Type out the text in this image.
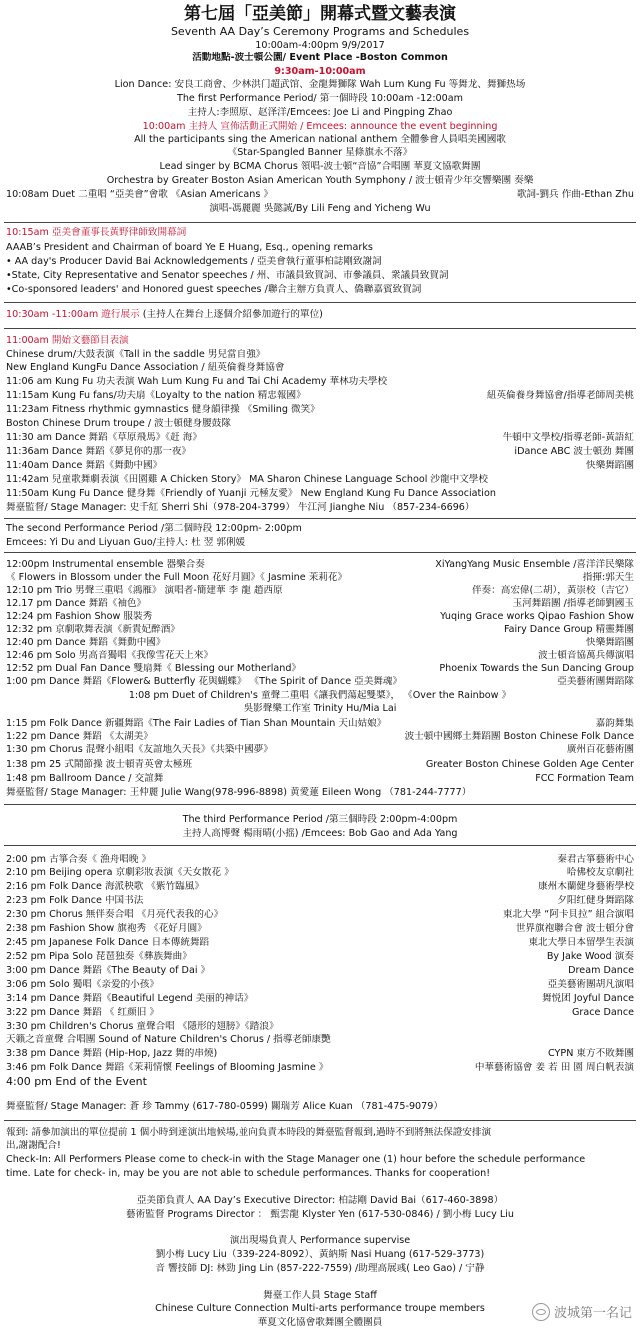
第七屆「亞美節」開幕式暨文藝表演
Seventh AA Day’s Ceremony Programs and Schedules
10:00am-4:00pm 9/9/2017
活動地點-波士頓公園/ Event Place -Boston Common
9:30am-10:00am
Lion Dance: 安良工商會、少林洪门超武馆、金龍舞獅隊 Wah Lum Kung Fu 等舞龙、舞獅热场
The first Performance Period/ 第一個時段 10:00am -12:00am
主持人:李照原、赵泽洋/Emcees: Joe Li and Pingping Zhao
10:00am 主持人 宣佈活動正式開始 / Emcees: announce the event beginning
All the participants sing the American national anthem 全體參會人員唱美國國歌
《Star-Spangled Banner 星條旗永不落》
Lead singer by BCMA Chorus 領唱-波士頓“音協”合唱團 華夏文協歌舞團
Orchestra by Greater Boston Asian American Youth Symphony / 波士頓青少年交響樂團 奏樂
10:08am Duet 二重唱 “亞美會”會歌 《Asian Americans 》	歌詞-劉兵 作曲-Ethan Zhu
演唱-馮麗麗 吳懿誠/By Lili Feng and Yicheng Wu
10:15am 亞美會董事長黃野律師致開幕詞
AAAB’s President and Chairman of board Ye E Huang, Esq., opening remarks
• AA day's Producer David Bai Acknowledgements / 亞美會執行董事柏誌剛致謝詞
•State, City Representative and Senator speeches / 州、市議員致賀詞、市參議員、衆議員致賀詞
•Co-sponsored leaders' and Honored guest speeches /聯合主辦方負責人、僑聯嘉賓致賀詞
10:30am -11:00am 遊行展示 (主持人在舞台上逐個介紹參加遊行的單位)
11:00am 開始文藝節目表演
Chinese drum/大鼓表演《Tall in the saddle 男兒當自強》
New England KungFu Dance Association / 紐英倫養身舞協會
11:06 am Kung Fu 功夫表演 Wah Lum Kung Fu and Tai Chi Academy 華林功夫學校
11:15am Kung Fu fans/功夫扇《Loyalty to the nation 精忠報國》	紐英倫養身舞協會/指導老師周美桃
11:23am Fitness rhythmic gymnastics 健身韻律操 《Smiling 微笑》
Boston Chinese Drum troupe / 波士頓健身腰鼓隊
11:30 am Dance 舞蹈《草原飛馬》《赶 海》	牛頓中文學校/指導老師-黃語紅
11:36am Dance 舞蹈《夢見你的那一夜》	iDance ABC 波士頓劲 舞團
11:40am Dance 舞蹈《舞動中國》	快樂舞蹈團
11:42am 兒童歌舞劇表演《田園雞 A Chicken Story》 MA Sharon Chinese Language School 沙龍中文學校
11:50am Kung Fu Dance 健身舞《Friendly of Yuanji 元極友愛》 New England Kung Fu Dance Association
舞臺監督/ Stage Manager: 史千紅 Sherri Shi（978-204-3799） 牛江河 Jianghe Niu （857-234-6696）
The second Performance Period /第二個時段 12:00pm- 2:00pm
Emcees: Yi Du and Liyuan Guo/主持人: 杜 翌 郭俐媛
12:00pm Instrumental ensemble 器樂合奏	XiYangYang Music Ensemble /喜洋洋民樂隊
《 Flowers in Blossom under the Full Moon 花好月圓》《 Jasmine 茉莉花》	指揮:郭天生
12:10 pm Trio 男聲三重唱《鴻雁》 演唱者-簡建華 李 龍 趙西原	伴奏：高宏偉(二胡），黃崇校（吉它）
12.17 pm Dance 舞蹈《袖色》	玉河舞蹈團 /指導老師劉國玉
12:24 pm Fashion Show 服裝秀	Yuqing Grace works Qipao Fashion Show
12:32 pm 京劇歌舞表演《新貴妃醉酒》	Fairy Dance Group 精靈舞團
12:40 pm Dance 舞蹈《舞動中國》	快樂舞蹈團
12:46 pm Solo 男高音獨唱《我像雪花天上來》	波士頓音協萬兵傳演唱
12:52 pm Dual Fan Dance 雙扇舞《 Blessing our Motherland》	Phoenix Towards the Sun Dancing Group
1:00 pm Dance 舞蹈《Flower& Butterfly 花與蝴蝶》 《The Spirit of Dance 亞美舞魂》	亞美藝術團舞蹈隊
1:08 pm Duet of Children's 童聲二重唱《讓我們蕩起雙槳》， 《Over the Rainbow 》
吳影聲樂工作室 Trinity Hu/Mia Lai
1:15 pm Folk Dance 新疆舞蹈《The Fair Ladies of Tian Shan Mountain 天山姑娘》	嘉韵舞集
1:22 pm Dance 舞蹈 《太湖美》	波士頓中國鄉土舞蹈團 Boston Chinese Folk Dance
1:30 pm Chorus 混聲小組唱《友誼地久天長》《共築中國夢》	廣州百花藝術團
1:38 pm 25 式鬧節操 波士頓青英會太極班	Greater Boston Chinese Golden Age Center
1:48 pm Ballroom Dance / 交誼舞	FCC Formation Team
舞臺監督/ Stage Manager: 王仲麗 Julie Wang(978-996-8898) 黄愛蓮 Eileen Wong （781-244-7777）
The third Performance Period /第三個時段 2:00pm-4:00pm
主持人高博聲 楊雨晴(小摇) /Emcees: Bob Gao and Ada Yang
2:00 pm 古箏合奏《 漁舟唱晚 》	秦君古箏藝術中心
2:10 pm Beijing opera 京劇彩妝表演《天女散花 》	哈佛校友京劇社
2:16 pm Folk Dance 海派秧歌 《紫竹臨風》	康州木蘭健身藝術學校
2:23 pm Folk Dance 中国书法	夕阳红健身舞蹈隊
2:30 pm Chorus 無伴奏合唱 《月亮代表我的心》	東北大學 “阿卡貝拉” 組合演唱
2:38 pm Fashion Show 旗袍秀 《花好月圓》	世界旗袍聯合會 波士頓分會
2:45 pm Japanese Folk Dance 日本傳統舞蹈	東北大學日本留學生表演
2:52 pm Pipa Solo 琵琶独奏《彝族舞曲》	By Jake Wood 演奏
3:00 pm Dance 舞蹈《The Beauty of Dai 》	Dream Dance
3:06 pm Solo 獨唱《亲爱的小孩》	亞美藝術團胡凡演唱
3:14 pm Dance 舞蹈《Beautiful Legend 美丽的神话》	舞悦团 Joyful Dance
3:22 pm Dance 舞蹈 《 红颜旧 》	Grace Dance
3:30 pm Children's Chorus 童聲合唱 《隱形的翅膀》《踏浪》
天籟之音童聲 合唱團 Sound of Nature Children's Chorus / 指導老師康艷
3:38 pm Dance 舞蹈 (Hip-Hop, Jazz 舞的串燒)	CYPN 東方不敗舞團
3:46 pm Folk Dance 舞蹈《茉莉情懷 Feelings of Blooming Jasmine 》	中華藝術協會 姜 若 田 園 周白帆表演
4:00 pm End of the Event
舞臺監督/ Stage Manager: 蒼 珍 Tammy (617-780-0599) 關瑞芳 Alice Kuan （781-475-9079）
報到: 請參加演出的單位提前 1 個小時到達演出地候場,並向負責本時段的舞臺監督報到,過時不到將無法保證安排演
出,謝謝配合!
Check-In: All Performers Please come to check-in with the Stage Manager one (1) hour before the schedule performance
time. Late for check- in, may be you are not able to schedule performances. Thanks for cooperation!
亞美節負責人 AA Day’s Executive Director: 柏誌剛 David Bai（617-460-3898）
藝術監督 Programs Director ： 甄雲龍 Klyster Yen (617-530-0846) / 劉小梅 Lucy Liu
演出現場負責人 Performance supervise
劉小梅 Lucy Liu（339-224-8092）、黃納斯 Nasi Huang (617-529-3773)
音 響技師 DJ: 林勁 Jing Lin (857-222-7559) /助理高展彧( Leo Gao) / 宁静
舞臺工作人員 Stage Staff
Chinese Culture Connection Multi-arts performance troupe members
華夏文化協會歌舞團全體團員
波城第一名记
